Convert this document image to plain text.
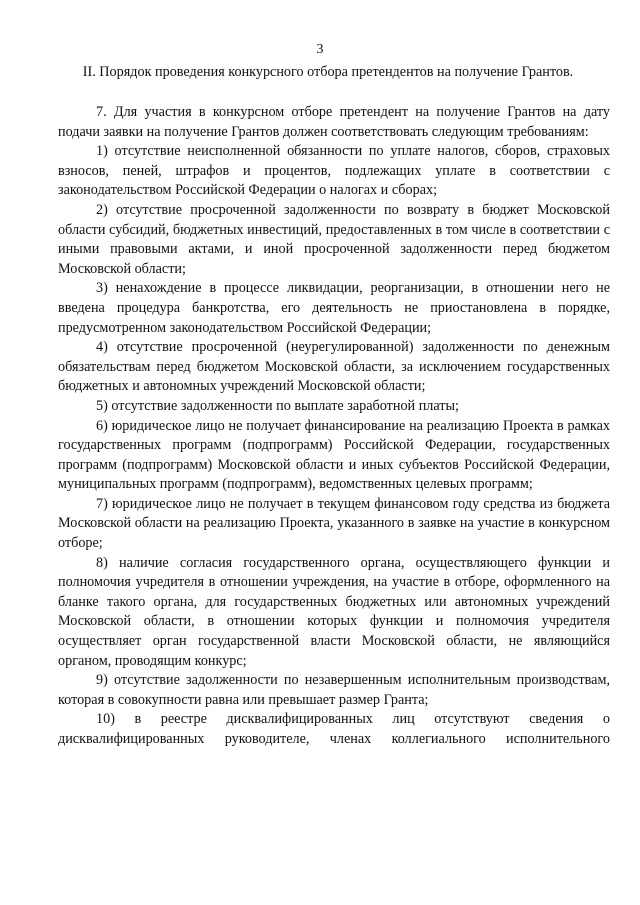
3
II. Порядок проведения конкурсного отбора претендентов на получение Грантов.

7. Для участия в конкурсном отборе претендент на получение Грантов на дату подачи заявки на получение Грантов должен соответствовать следующим требованиям:

1) отсутствие неисполненной обязанности по уплате налогов, сборов, страховых взносов, пеней, штрафов и процентов, подлежащих уплате в соответствии с законодательством Российской Федерации о налогах и сборах;

2) отсутствие просроченной задолженности по возврату в бюджет Московской области субсидий, бюджетных инвестиций, предоставленных в том числе в соответствии с иными правовыми актами, и иной просроченной задолженности перед бюджетом Московской области;

3) ненахождение в процессе ликвидации, реорганизации, в отношении него не введена процедура банкротства, его деятельность не приостановлена в порядке, предусмотренном законодательством Российской Федерации;

4) отсутствие просроченной (неурегулированной) задолженности по денежным обязательствам перед бюджетом Московской области, за исключением государственных бюджетных и автономных учреждений Московской области;

5) отсутствие задолженности по выплате заработной платы;

6) юридическое лицо не получает финансирование на реализацию Проекта в рамках государственных программ (подпрограмм) Российской Федерации, государственных программ (подпрограмм) Московской области и иных субъектов Российской Федерации, муниципальных программ (подпрограмм), ведомственных целевых программ;

7) юридическое лицо не получает в текущем финансовом году средства из бюджета Московской области на реализацию Проекта, указанного в заявке на участие в конкурсном отборе;

8) наличие согласия государственного органа, осуществляющего функции и полномочия учредителя в отношении учреждения, на участие в отборе, оформленного на бланке такого органа, для государственных бюджетных или автономных учреждений Московской области, в отношении которых функции и полномочия учредителя осуществляет орган государственной власти Московской области, не являющийся органом, проводящим конкурс;

9) отсутствие задолженности по незавершенным исполнительным производствам, которая в совокупности равна или превышает размер Гранта;

10) в реестре дисквалифицированных лиц отсутствуют сведения о дисквалифицированных руководителе, членах коллегиального исполнительного
